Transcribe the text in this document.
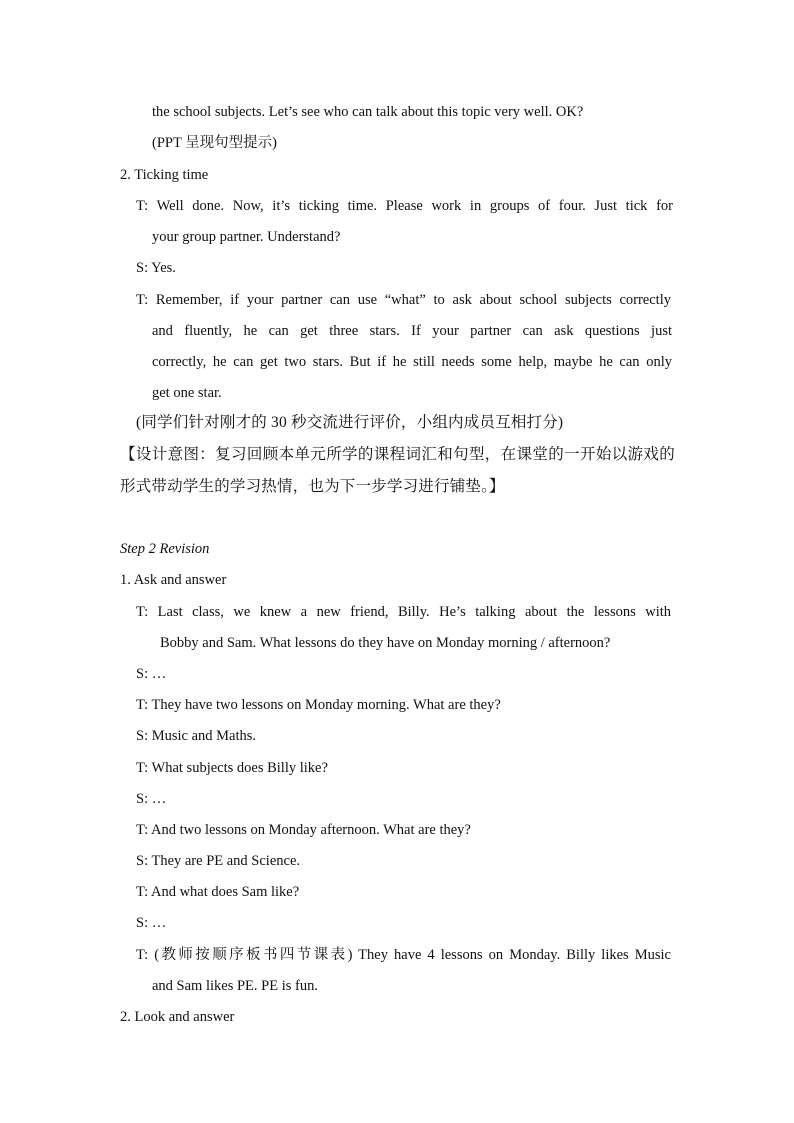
the school subjects. Let’s see who can talk about this topic very well. OK?
(PPT 呈现句型提示)
2. Ticking time
T: Well done. Now, it’s ticking time. Please work in groups of four. Just tick for
your group partner. Understand?
S: Yes.
T: Remember, if your partner can use “what” to ask about school subjects correctly
and fluently, he can get three stars. If your partner can ask questions just
correctly, he can get two stars. But if he still needs some help, maybe he can only
get one star.
(同学们针对刚才的 30 秒交流进行评价，小组内成员互相打分)
【设计意图：复习回顾本单元所学的课程词汇和句型，在课堂的一开始以游戏的
形式带动学生的学习热情，也为下一步学习进行铺垫。】
Step 2 Revision
1. Ask and answer
T: Last class, we knew a new friend, Billy. He’s talking about the lessons with
Bobby and Sam. What lessons do they have on Monday morning / afternoon?
S: …
T: They have two lessons on Monday morning. What are they?
S: Music and Maths.
T: What subjects does Billy like?
S: …
T: And two lessons on Monday afternoon. What are they?
S: They are PE and Science.
T: And what does Sam like?
S: …
T: (教师按顺序板书四节课表) They have 4 lessons on Monday. Billy likes Music
and Sam likes PE. PE is fun.
2. Look and answer
